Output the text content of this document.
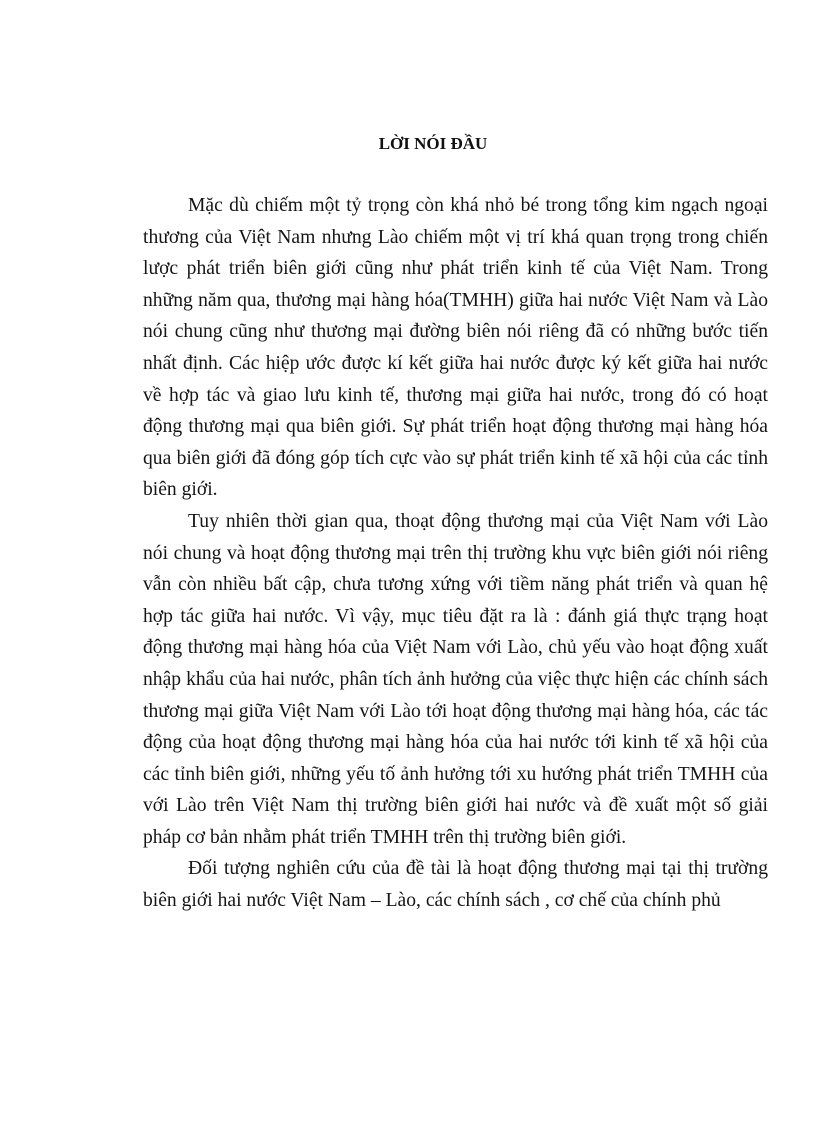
LỜI NÓI ĐẦU

Mặc dù chiếm một tỷ trọng còn khá nhỏ bé trong tổng kim ngạch ngoại thương của Việt Nam nhưng Lào chiếm một vị trí khá quan trọng trong chiến lược phát triển biên giới cũng như phát triển kinh tế của Việt Nam. Trong những năm qua, thương mại hàng hóa(TMHH) giữa hai nước Việt Nam và Lào nói chung cũng như thương mại đường biên nói riêng đã có những bước tiến nhất định. Các hiệp ước được kí kết giữa hai nước được ký kết giữa hai nước về hợp tác và giao lưu kinh tế, thương mại giữa hai nước, trong đó có hoạt động thương mại qua biên giới. Sự phát triển hoạt động thương mại hàng hóa qua biên giới đã đóng góp tích cực vào sự phát triển kinh tế xã hội của các tỉnh biên giới.

Tuy nhiên thời gian qua, thoạt động thương mại của Việt Nam với Lào nói chung và hoạt động thương mại trên thị trường khu vực biên giới nói riêng vẫn còn nhiều bất cập, chưa tương xứng với tiềm năng phát triển và quan hệ hợp tác giữa hai nước. Vì vậy, mục tiêu đặt ra là : đánh giá thực trạng hoạt động thương mại hàng hóa của Việt Nam với Lào, chủ yếu vào hoạt động xuất nhập khẩu của hai nước, phân tích ảnh hưởng của việc thực hiện các chính sách thương mại giữa Việt Nam với Lào tới hoạt động thương mại hàng hóa, các tác động của hoạt động thương mại hàng hóa của hai nước tới kinh tế xã hội của các tỉnh biên giới, những yếu tố ảnh hưởng tới xu hướng phát triển TMHH của với Lào trên Việt Nam thị trường biên giới hai nước và đề xuất một số giải pháp cơ bản nhằm phát triển TMHH trên thị trường biên giới.

Đối tượng nghiên cứu của đề tài là hoạt động thương mại tại thị trường biên giới hai nước Việt Nam – Lào, các chính sách , cơ chế của chính phủ
